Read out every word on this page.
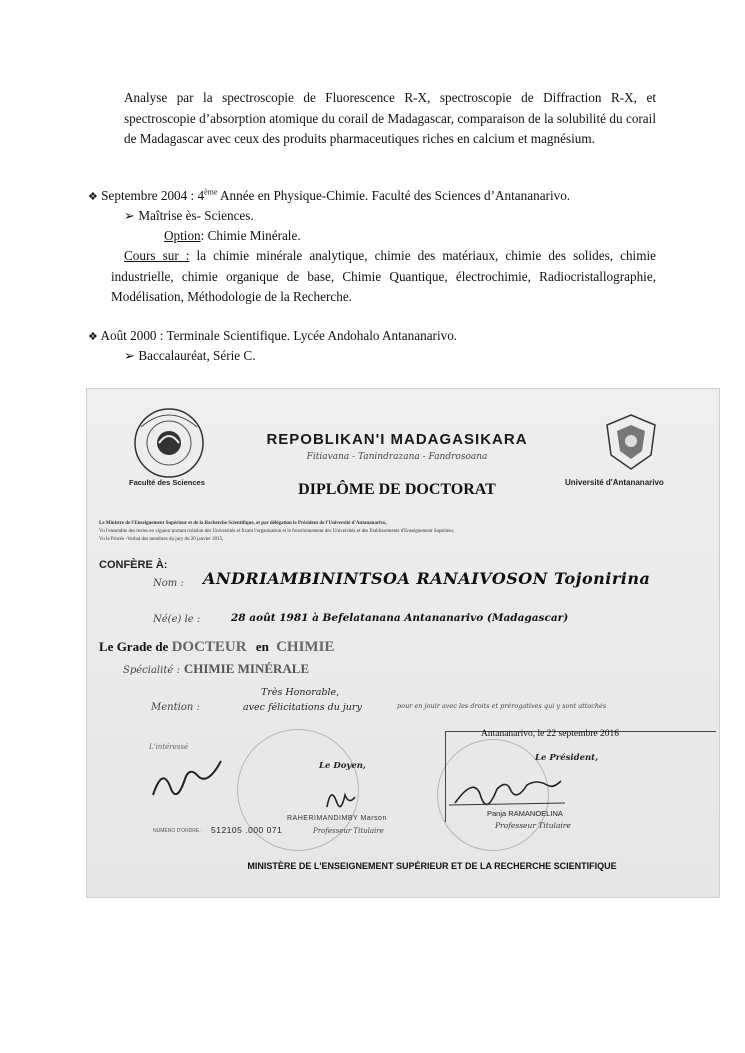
Analyse par la spectroscopie de Fluorescence R-X, spectroscopie de Diffraction R-X, et spectroscopie d’absorption atomique du corail de Madagascar, comparaison de la solubilité du corail de Madagascar avec ceux des produits pharmaceutiques riches en calcium et magnésium.
❖ Septembre 2004 : 4ème Année en Physique-Chimie. Faculté des Sciences d’Antananarivo.
➢ Maîtrise ès- Sciences.
Option: Chimie Minérale.
Cours sur : la chimie minérale analytique, chimie des matériaux, chimie des solides, chimie industrielle, chimie organique de base, Chimie Quantique, électrochimie, Radiocristallographie, Modélisation, Méthodologie de la Recherche.
❖ Août 2000 : Terminale Scientifique. Lycée Andohalo Antananarivo.
➢ Baccalauréat, Série C.
Faculté des Sciences	Université d'Antananarivo
REPOBLIKAN'I MADAGASIKARA
Fitiavana - Tanindrazana - Fandrosoana
DIPLÔME DE DOCTORAT
Le Ministre de l'Enseignement Supérieur et de la Recherche Scientifique, et par délégation le Président de l'Université d'Antananarivo,
Vu l'ensemble des textes en vigueur portant création des Universités et fixant l'organisation et le fonctionnement des Universités et des Etablissements d'Enseignement Supérieur,
Vu le Procès -Verbal des membres du jury du 20 janvier 2015,
CONFÈRE À:
Nom : ANDRIAMBININTSOA RANAIVOSON Tojonirina
Né(e) le :	28 août 1981 à Befelatanana Antananarivo (Madagascar)
Le Grade de DOCTEUR en CHIMIE
Spécialité : CHIMIE MINÉRALE
Mention :
Très Honorable,
avec félicitations du jury	pour en jouir avec les droits et prérogatives qui y sont attachés
Antananarivo, le 22 septembre 2016
L'intéressé
Le Doyen,
RAHERIMANDIMBY Marson
Professeur Titulaire
Le Président,
Panja RAMANOELINA
Professeur Titulaire
NUMÉRO D'ORDRE : 512105 .000 071
MINISTÈRE DE L'ENSEIGNEMENT SUPÉRIEUR ET DE LA RECHERCHE SCIENTIFIQUE
